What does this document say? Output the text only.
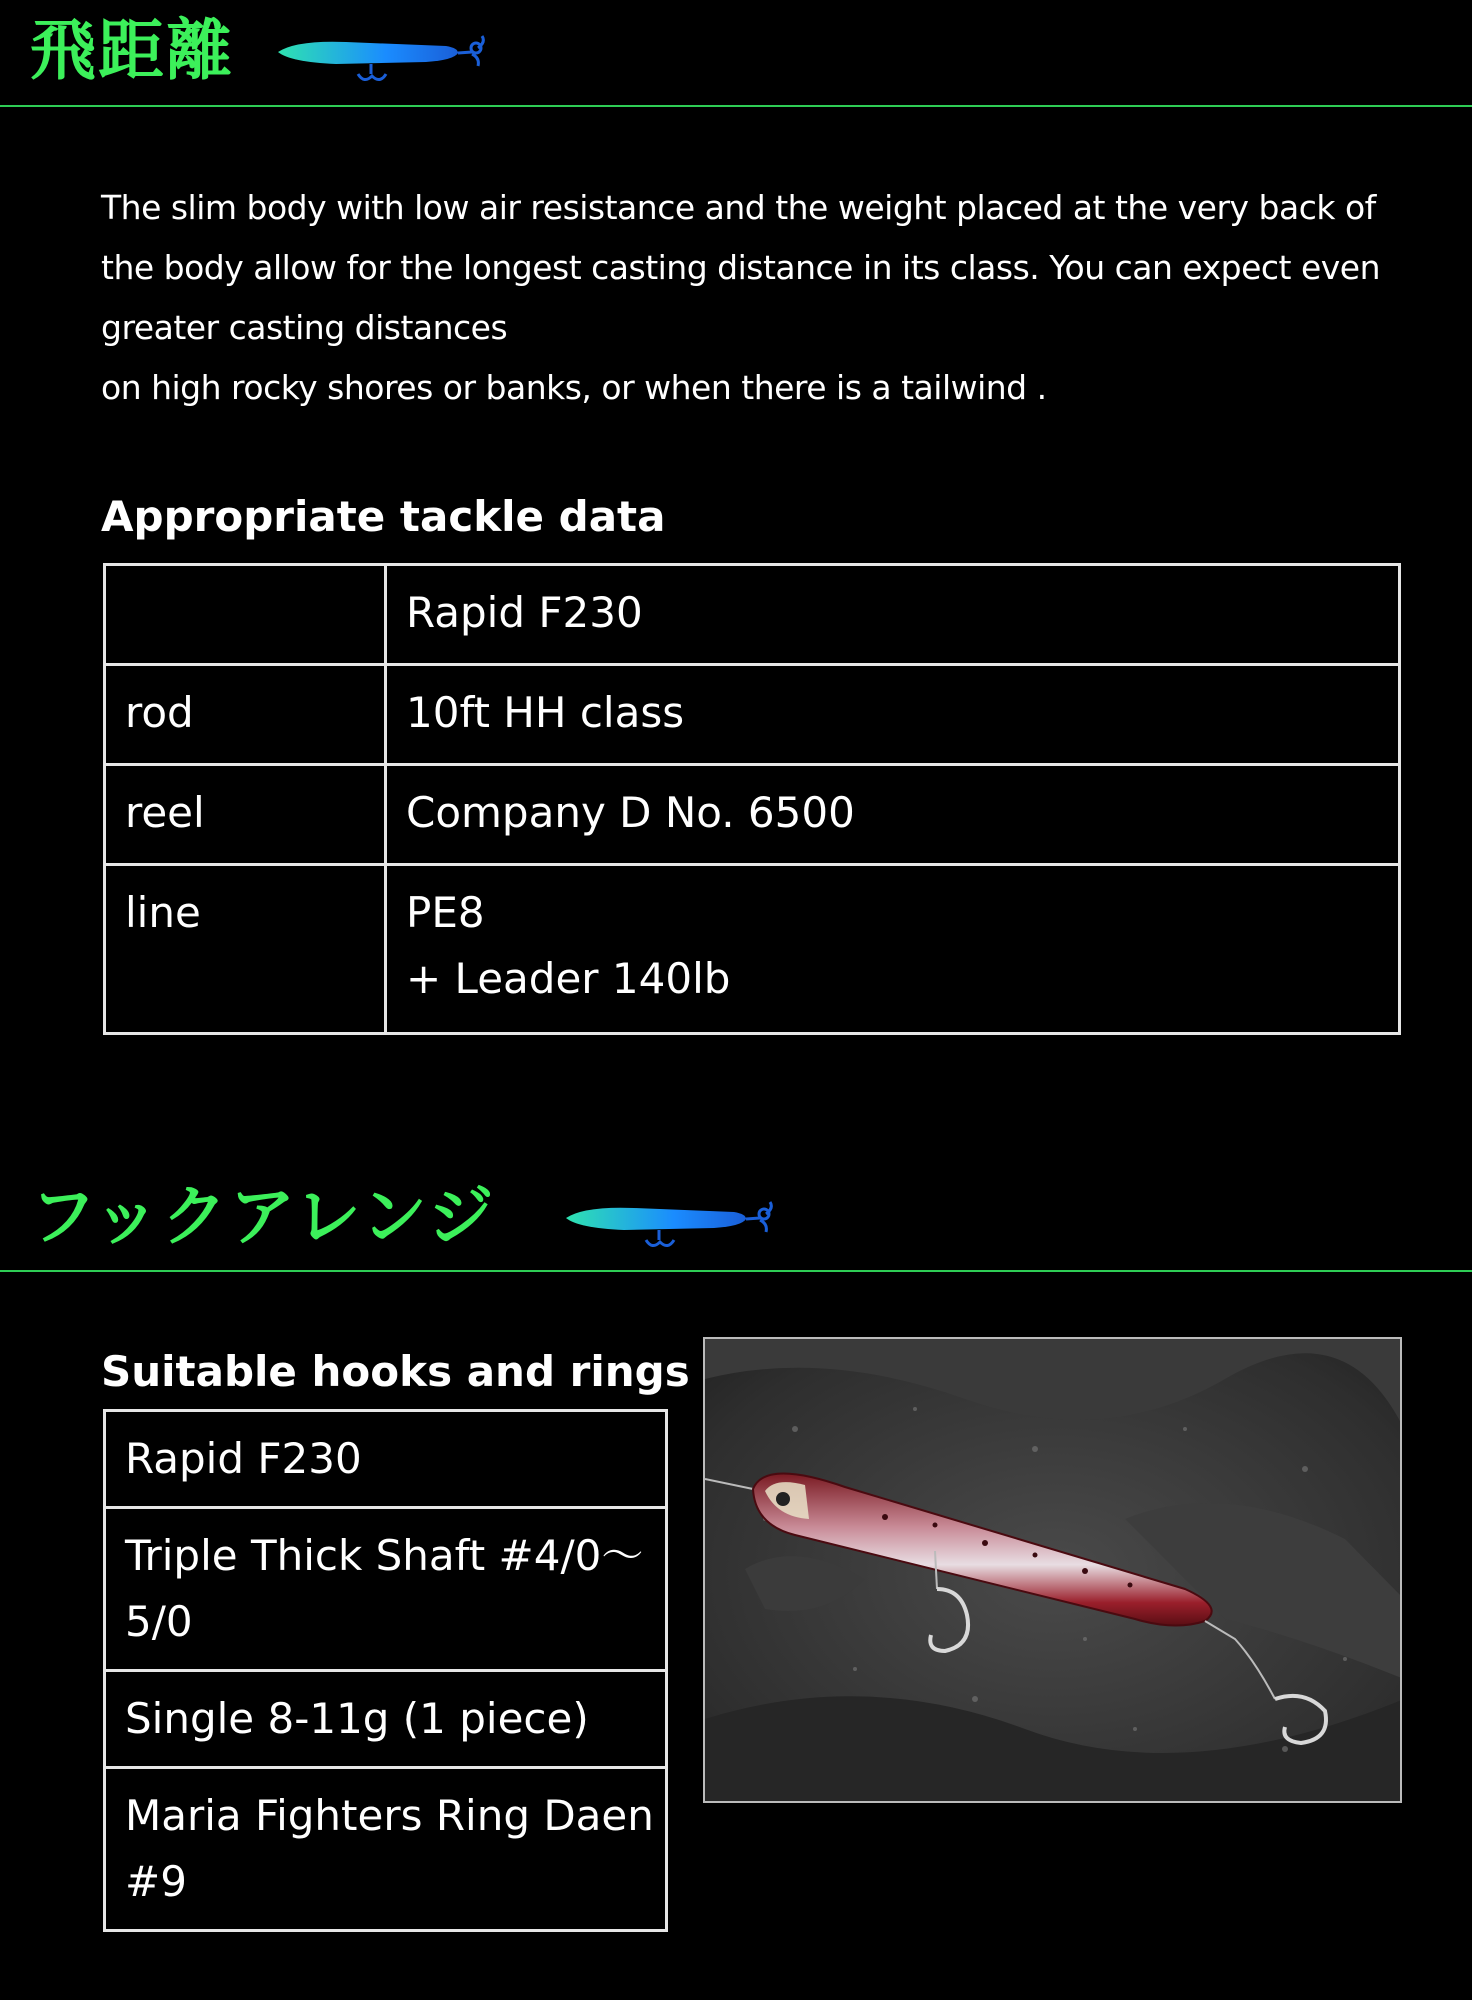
飛距離

The slim body with low air resistance and the weight placed at the very back of the body allow for the longest casting distance in its class. You can expect even greater casting distances

on high rocky shores or banks, or when there is a tailwind .

Appropriate tackle data
	Rapid F230
rod	10ft HH class
reel	Company D No. 6500
line	PE8
+ Leader 140lb
フックアレンジ
Suitable hooks and rings
Rapid F230
Triple Thick Shaft #4/0～5/0
Single 8-11g (1 piece)
Maria Fighters Ring Daen #9
